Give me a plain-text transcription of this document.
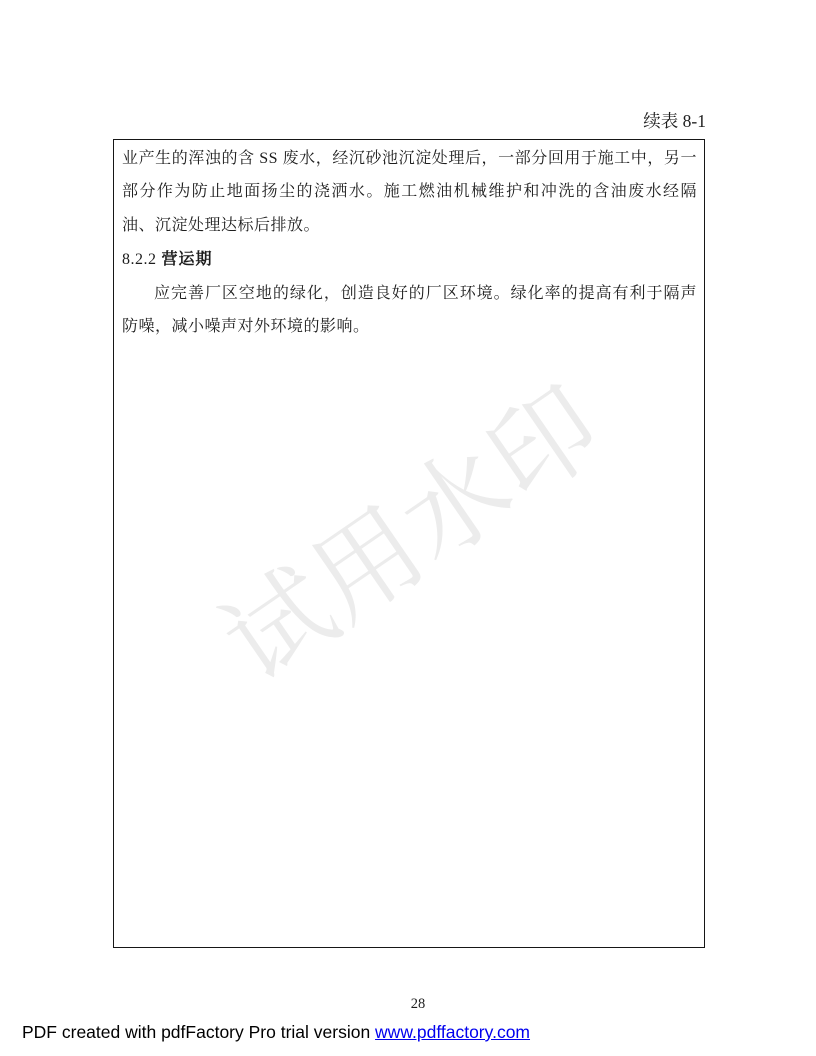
试用水印
续表 8-1

业产生的浑浊的含 SS 废水，经沉砂池沉淀处理后，一部分回用于施工中，另一部分作为防止地面扬尘的浇洒水。施工燃油机械维护和冲洗的含油废水经隔油、沉淀处理达标后排放。

8.2.2 营运期

应完善厂区空地的绿化，创造良好的厂区环境。绿化率的提高有利于隔声防噪，减小噪声对外环境的影响。

28
PDF created with pdfFactory Pro trial version www.pdffactory.com
